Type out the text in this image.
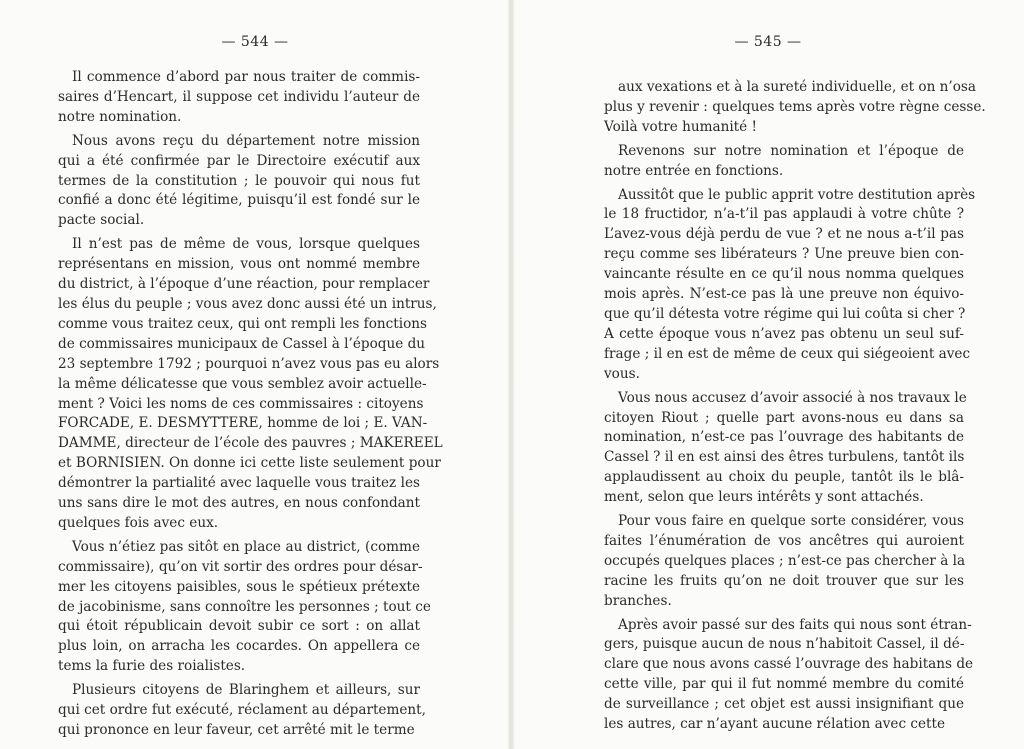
— 544 —
Il commence d’abord par nous traiter de commis-
saires d’Hencart, il suppose cet individu l’auteur de
notre nomination.
Nous avons reçu du département notre mission
qui a été confirmée par le Directoire exécutif aux
termes de la constitution ; le pouvoir qui nous fut
confié a donc été légitime, puisqu’il est fondé sur le
pacte social.
Il n’est pas de même de vous, lorsque quelques
représentans en mission, vous ont nommé membre
du district, à l’époque d’une réaction, pour remplacer
les élus du peuple ; vous avez donc aussi été un intrus,
comme vous traitez ceux, qui ont rempli les fonctions
de commissaires municipaux de Cassel à l’époque du
23 septembre 1792 ; pourquoi n’avez vous pas eu alors
la même délicatesse que vous semblez avoir actuelle-
ment ? Voici les noms de ces commissaires : citoyens
FORCADE, E. DESMYTTERE, homme de loi ; E. VAN-
DAMME, directeur de l’école des pauvres ; MAKEREEL
et BORNISIEN. On donne ici cette liste seulement pour
démontrer la partialité avec laquelle vous traitez les
uns sans dire le mot des autres, en nous confondant
quelques fois avec eux.
Vous n’étiez pas sitôt en place au district, (comme
commissaire), qu’on vit sortir des ordres pour désar-
mer les citoyens paisibles, sous le spétieux prétexte
de jacobinisme, sans connoître les personnes ; tout ce
qui étoit républicain devoit subir ce sort : on allat
plus loin, on arracha les cocardes. On appellera ce
tems la furie des roialistes.
Plusieurs citoyens de Blaringhem et ailleurs, sur
qui cet ordre fut exécuté, réclament au département,
qui prononce en leur faveur, cet arrêté mit le terme
— 545 —
aux vexations et à la sureté individuelle, et on n’osa
plus y revenir : quelques tems après votre règne cesse.
Voilà votre humanité !
Revenons sur notre nomination et l’époque de
notre entrée en fonctions.
Aussitôt que le public apprit votre destitution après
le 18 fructidor, n’a-t’il pas applaudi à votre chûte ?
L’avez-vous déjà perdu de vue ? et ne nous a-t’il pas
reçu comme ses libérateurs ? Une preuve bien con-
vaincante résulte en ce qu’il nous nomma quelques
mois après. N’est-ce pas là une preuve non équivo-
que qu’il détesta votre régime qui lui coûta si cher ?
A cette époque vous n’avez pas obtenu un seul suf-
frage ; il en est de même de ceux qui siégeoient avec
vous.
Vous nous accusez d’avoir associé à nos travaux le
citoyen Riout ; quelle part avons-nous eu dans sa
nomination, n’est-ce pas l’ouvrage des habitants de
Cassel ? il en est ainsi des êtres turbulens, tantôt ils
applaudissent au choix du peuple, tantôt ils le blâ-
ment, selon que leurs intérêts y sont attachés.
Pour vous faire en quelque sorte considérer, vous
faites l’énumération de vos ancêtres qui auroient
occupés quelques places ; n’est-ce pas chercher à la
racine les fruits qu’on ne doit trouver que sur les
branches.
Après avoir passé sur des faits qui nous sont étran-
gers, puisque aucun de nous n’habitoit Cassel, il dé-
clare que nous avons cassé l’ouvrage des habitans de
cette ville, par qui il fut nommé membre du comité
de surveillance ; cet objet est aussi insignifiant que
les autres, car n’ayant aucune rélation avec cette
